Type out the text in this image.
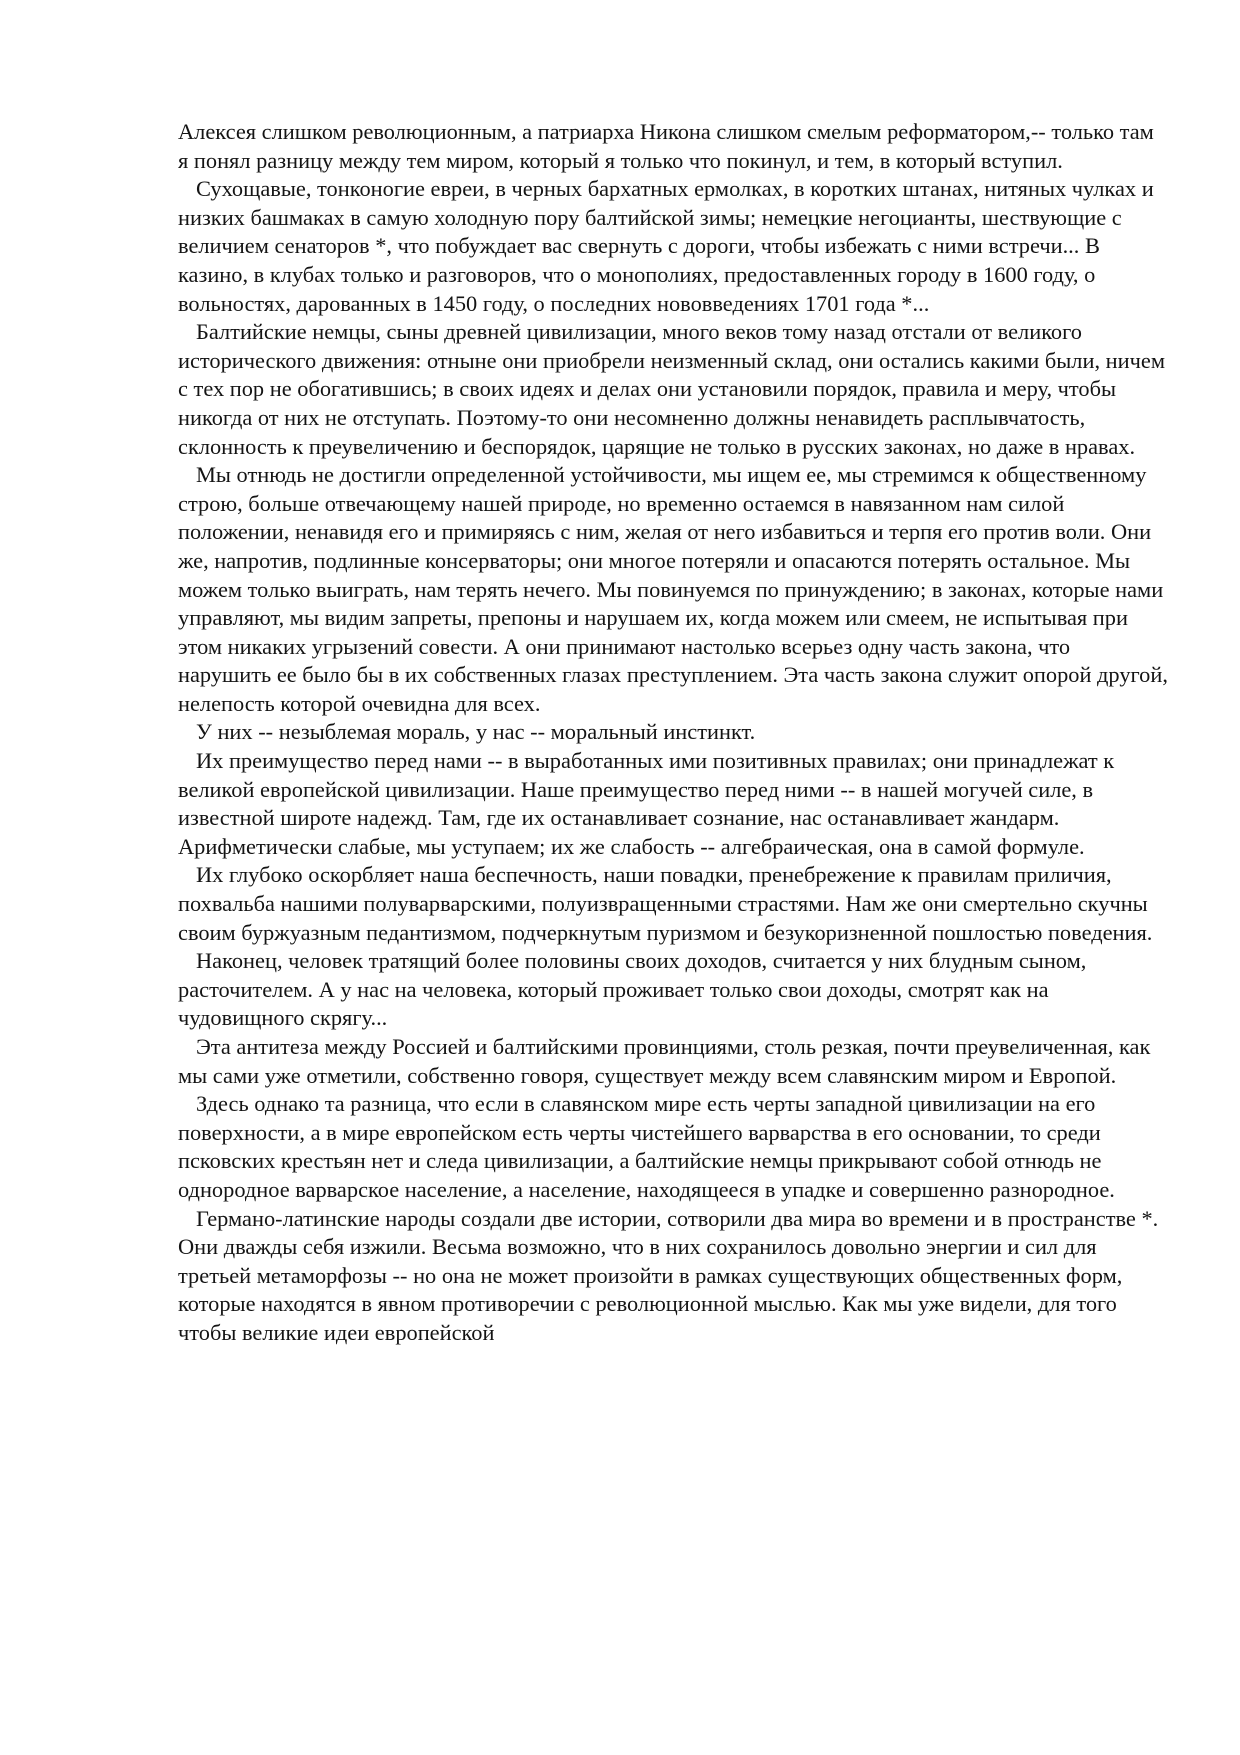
Алексея слишком революционным, а патриарха Никона слишком смелым реформатором,-- только там я понял разницу между тем миром, который я только что покинул, и тем, в который вступил.

Сухощавые, тонконогие евреи, в черных бархатных ермолках, в коротких штанах, нитяных чулках и низких башмаках в самую холодную пору балтийской зимы; немецкие негоцианты, шествующие с величием сенаторов *, что побуждает вас свернуть с дороги, чтобы избежать с ними встречи... В казино, в клубах только и разговоров, что о монополиях, предоставленных городу в 1600 году, о вольностях, дарованных в 1450 году, о последних нововведениях 1701 года *...

Балтийские немцы, сыны древней цивилизации, много веков тому назад отстали от великого исторического движения: отныне они приобрели неизменный склад, они остались какими были, ничем с тех пор не обогатившись; в своих идеях и делах они установили порядок, правила и меру, чтобы никогда от них не отступать. Поэтому-то они несомненно должны ненавидеть расплывчатость, склонность к преувеличению и беспорядок, царящие не только в русских законах, но даже в нравах.

Мы отнюдь не достигли определенной устойчивости, мы ищем ее, мы стремимся к общественному строю, больше отвечающему нашей природе, но временно остаемся в навязанном нам силой положении, ненавидя его и примиряясь с ним, желая от него избавиться и терпя его против воли. Они же, напротив, подлинные консерваторы; они многое потеряли и опасаются потерять остальное. Мы можем только выиграть, нам терять нечего. Мы повинуемся по принуждению; в законах, которые нами управляют, мы видим запреты, препоны и нарушаем их, когда можем или смеем, не испытывая при этом никаких угрызений совести. А они принимают настолько всерьез одну часть закона, что нарушить ее было бы в их собственных глазах преступлением. Эта часть закона служит опорой другой, нелепость которой очевидна для всех.

У них -- незыблемая мораль, у нас -- моральный инстинкт.

Их преимущество перед нами -- в выработанных ими позитивных правилах; они принадлежат к великой европейской цивилизации. Наше преимущество перед ними -- в нашей могучей силе, в известной широте надежд. Там, где их останавливает сознание, нас останавливает жандарм. Арифметически слабые, мы уступаем; их же слабость -- алгебраическая, она в самой формуле.

Их глубоко оскорбляет наша беспечность, наши повадки, пренебрежение к правилам приличия, похвальба нашими полуварварскими, полуизвращенными страстями. Нам же они смертельно скучны своим буржуазным педантизмом, подчеркнутым пуризмом и безукоризненной пошлостью поведения.

Наконец, человек тратящий более половины своих доходов, считается у них блудным сыном, расточителем. А у нас на человека, который проживает только свои доходы, смотрят как на чудовищного скрягу...

Эта антитеза между Россией и балтийскими провинциями, столь резкая, почти преувеличенная, как мы сами уже отметили, собственно говоря, существует между всем славянским миром и Европой.

Здесь однако та разница, что если в славянском мире есть черты западной цивилизации на его поверхности, а в мире европейском есть черты чистейшего варварства в его основании, то среди псковских крестьян нет и следа цивилизации, а балтийские немцы прикрывают собой отнюдь не однородное варварское население, а население, находящееся в упадке и совершенно разнородное.

Германо-латинские народы создали две истории, сотворили два мира во времени и в пространстве *. Они дважды себя изжили. Весьма возможно, что в них сохранилось довольно энергии и сил для третьей метаморфозы -- но она не может произойти в рамках существующих общественных форм, которые находятся в явном противоречии с революционной мыслью. Как мы уже видели, для того чтобы великие идеи европейской
